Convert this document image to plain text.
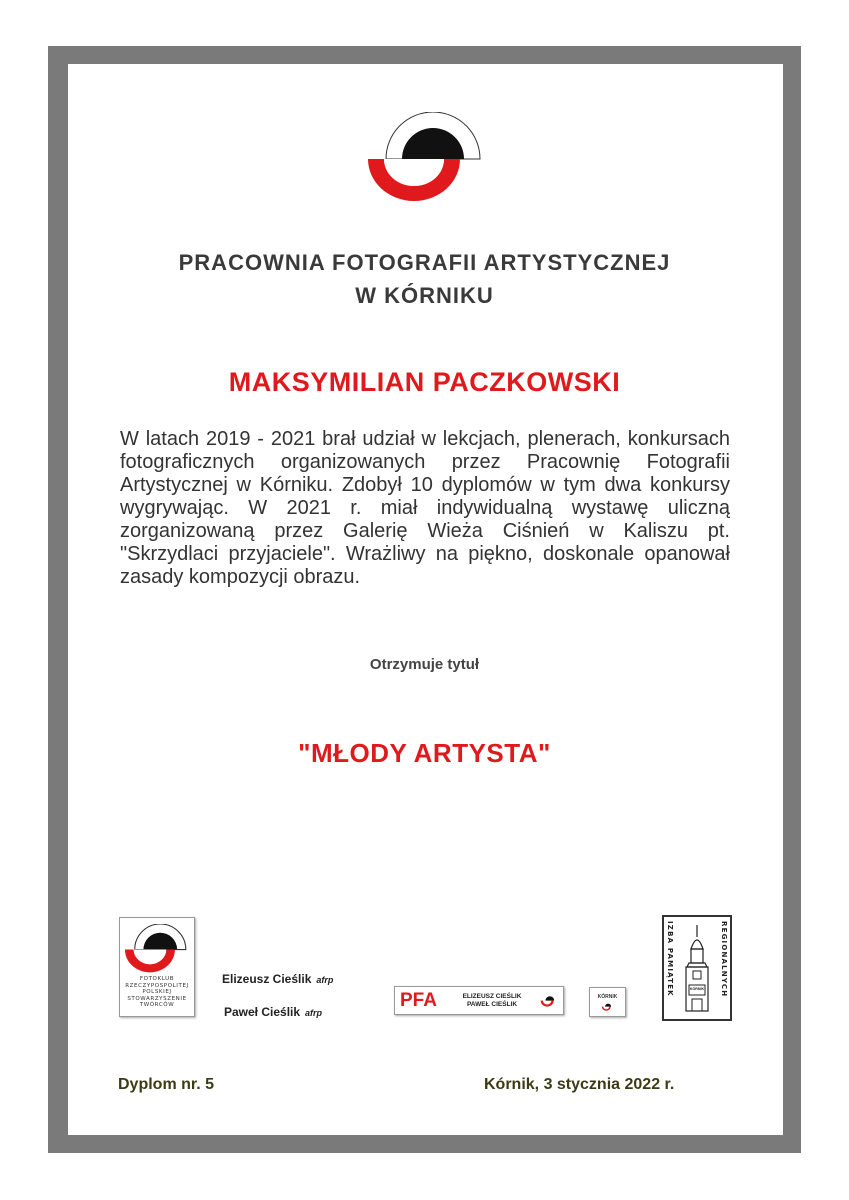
PRACOWNIA FOTOGRAFII ARTYSTYCZNEJ
W KÓRNIKU
MAKSYMILIAN PACZKOWSKI
W latach 2019 - 2021 brał udział w lekcjach, plenerach, konkursach fotograficznych organizowanych przez Pracownię Fotografii Artystycznej w Kórniku. Zdobył 10 dyplomów w tym dwa konkursy wygrywając. W 2021 r. miał indywidualną wystawę uliczną zorganizowaną przez Galerię Wieża Ciśnień w Kaliszu pt. "Skrzydlaci przyjaciele". Wrażliwy na piękno, doskonale opanował zasady kompozycji obrazu.
Otrzymuje tytuł
"MŁODY ARTYSTA"
FOTOKLUB
RZECZYPOSPOLITEJ
POLSKIEJ
STOWARZYSZENIE
TWÓRCÓW
Elizeusz Cieślik afrp
Paweł Cieślik afrp
PFA	ELIZEUSZ CIEŚLIK
PAWEŁ CIEŚLIK
KÓRNIK
IZBA PAMIĄTEK	REGIONALNYCH
KÓRNIK
Dyplom nr. 5	Kórnik, 3 stycznia 2022 r.
